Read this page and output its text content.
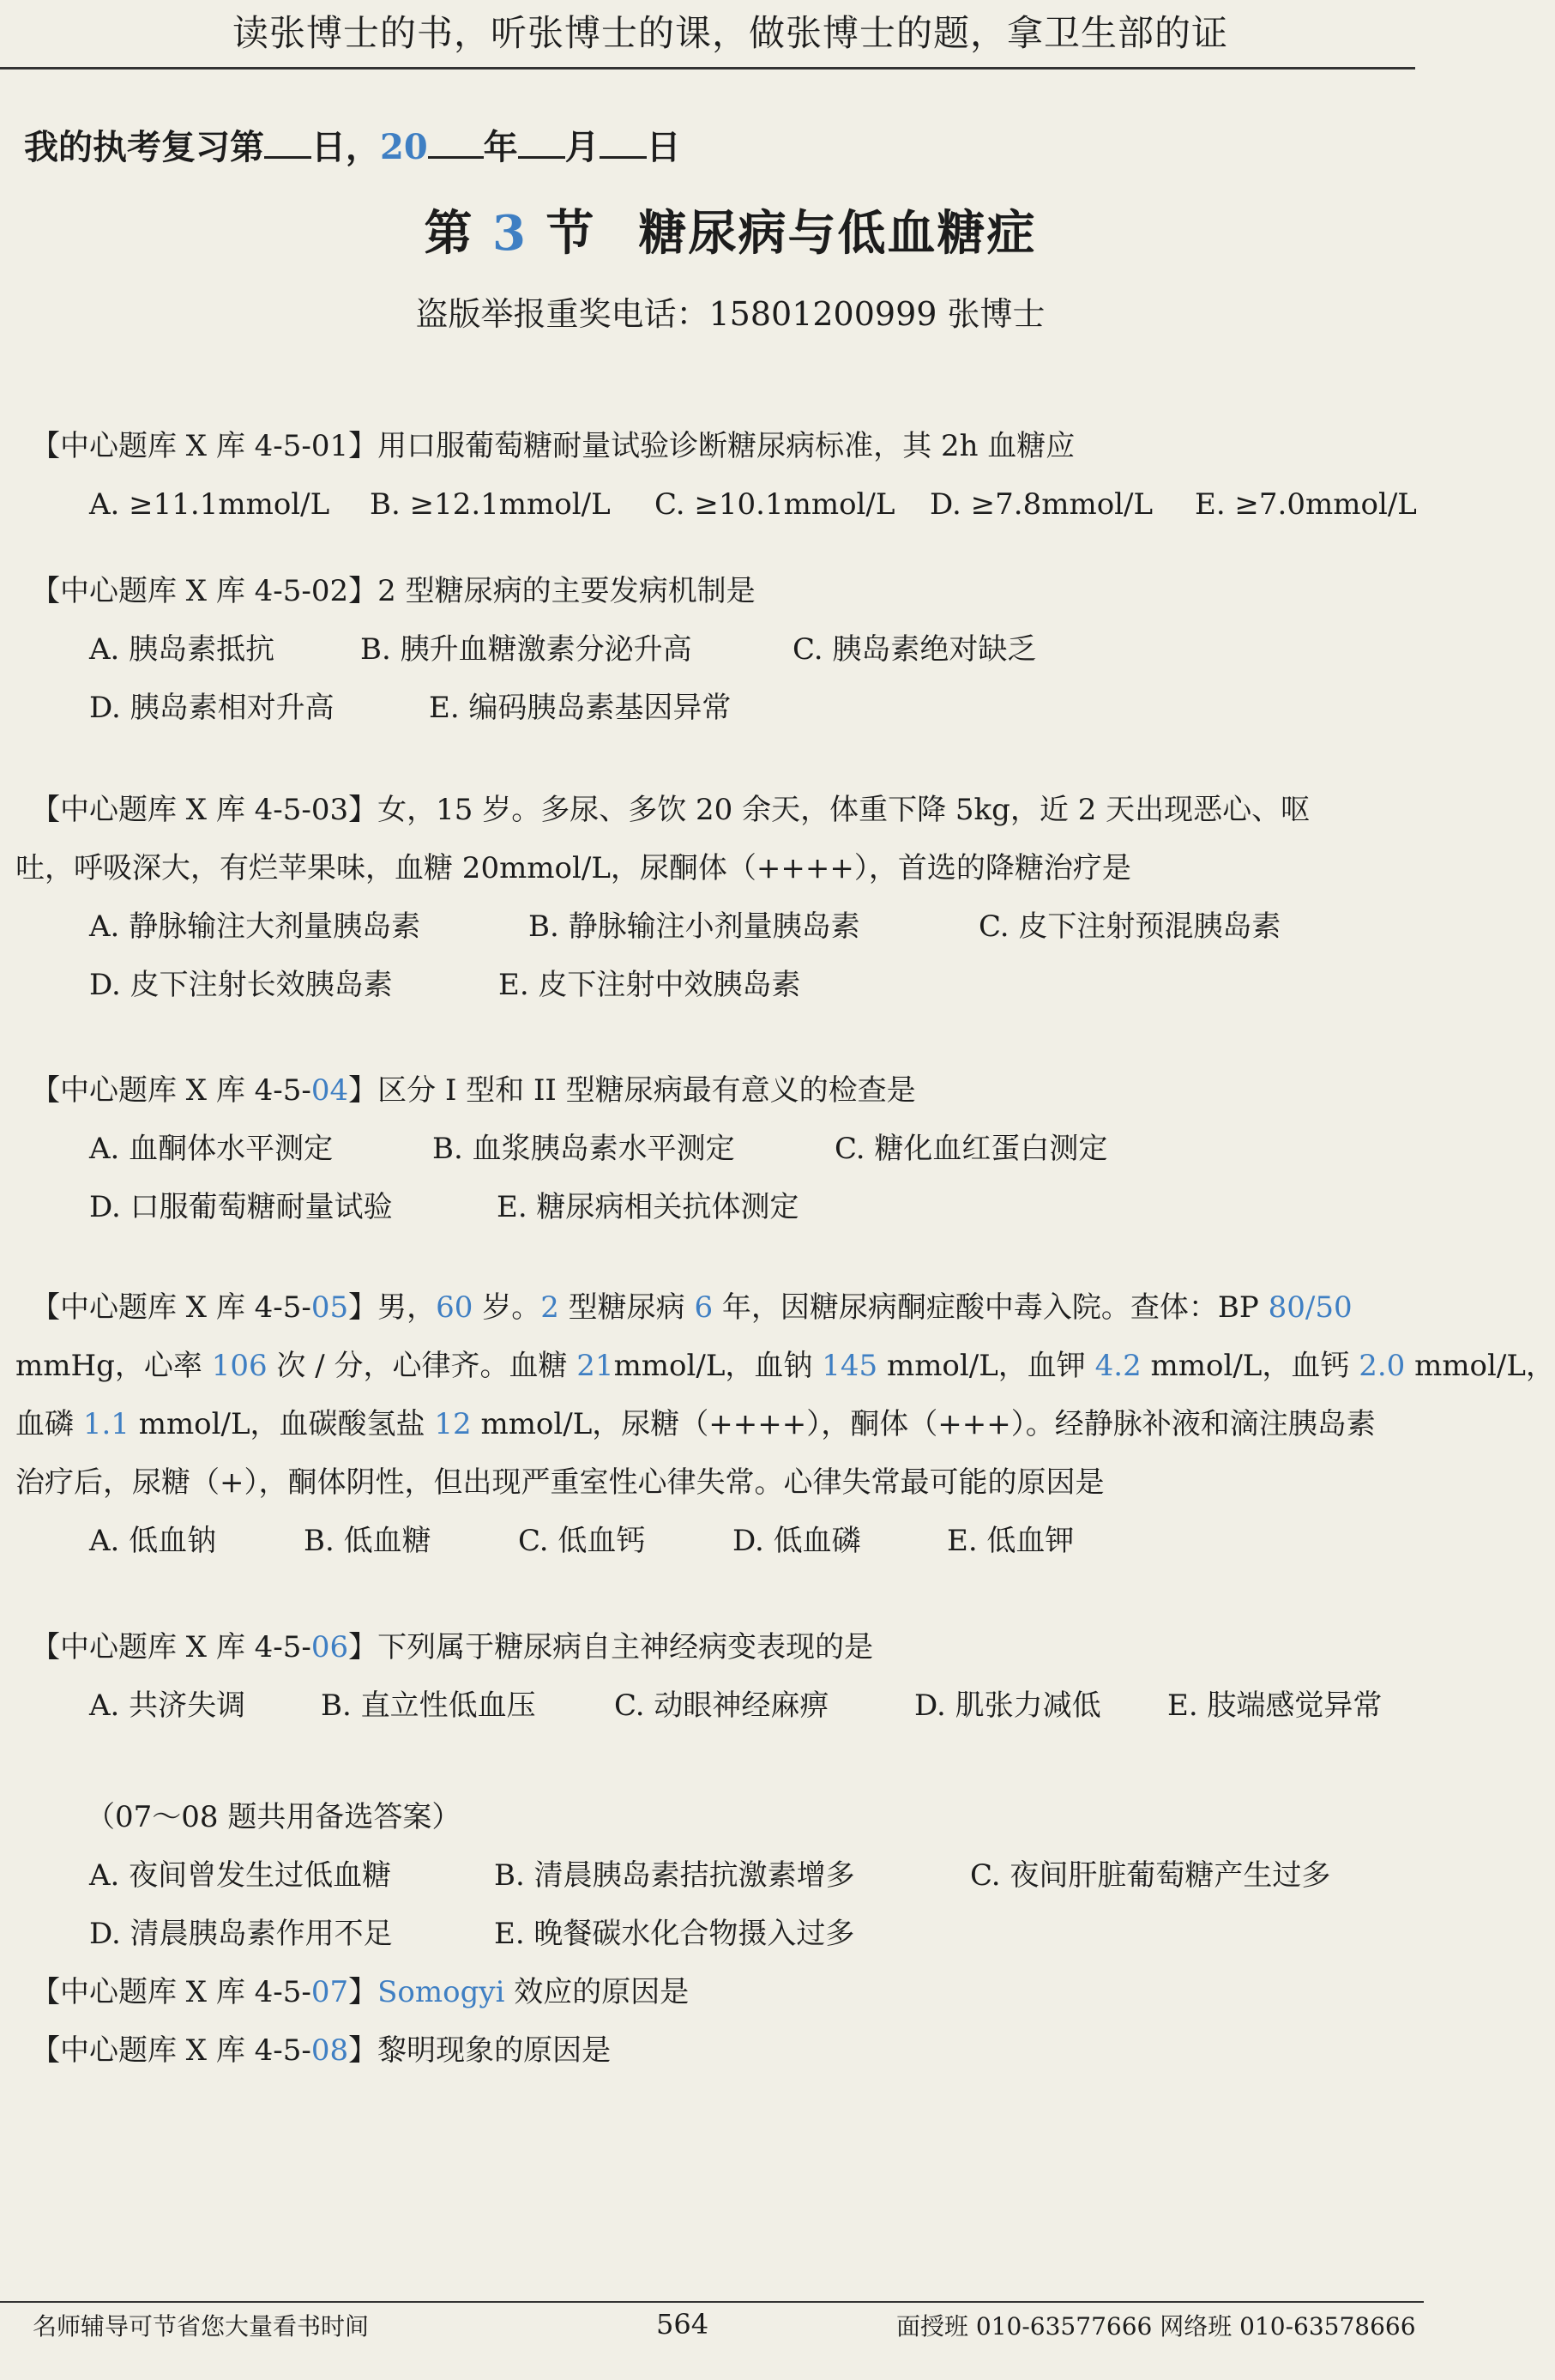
读张博士的书，听张博士的课，做张博士的题，拿卫生部的证
我的执考复习第 日，20 年 月 日
第 3 节 糖尿病与低血糖症
盗版举报重奖电话：15801200999 张博士
【中心题库 X 库 4-5-01】用口服葡萄糖耐量试验诊断糖尿病标准，其 2h 血糖应
A. ≥11.1mmol/L B. ≥12.1mmol/L C. ≥10.1mmol/L D. ≥7.8mmol/L E. ≥7.0mmol/L
【中心题库 X 库 4-5-02】2 型糖尿病的主要发病机制是
A. 胰岛素抵抗	B. 胰升血糖激素分泌升高	C. 胰岛素绝对缺乏
D. 胰岛素相对升高	E. 编码胰岛素基因异常
【中心题库 X 库 4-5-03】女，15 岁。多尿、多饮 20 余天，体重下降 5kg，近 2 天出现恶心、呕
吐，呼吸深大，有烂苹果味，血糖 20mmol/L，尿酮体（++++），首选的降糖治疗是
A. 静脉输注大剂量胰岛素	B. 静脉输注小剂量胰岛素	C. 皮下注射预混胰岛素
D. 皮下注射长效胰岛素	E. 皮下注射中效胰岛素
【中心题库 X 库 4-5-04】区分 I 型和 II 型糖尿病最有意义的检查是
A. 血酮体水平测定	B. 血浆胰岛素水平测定	C. 糖化血红蛋白测定
D. 口服葡萄糖耐量试验	E. 糖尿病相关抗体测定
【中心题库 X 库 4-5-05】男，60 岁。2 型糖尿病 6 年，因糖尿病酮症酸中毒入院。查体：BP 80/50
mmHg，心率 106 次 / 分，心律齐。血糖 21mmol/L，血钠 145 mmol/L，血钾 4.2 mmol/L，血钙 2.0 mmol/L，
血磷 1.1 mmol/L，血碳酸氢盐 12 mmol/L，尿糖（++++），酮体（+++）。经静脉补液和滴注胰岛素
治疗后，尿糖（+），酮体阴性，但出现严重室性心律失常。心律失常最可能的原因是
A. 低血钠	B. 低血糖	C. 低血钙	D. 低血磷	E. 低血钾
【中心题库 X 库 4-5-06】下列属于糖尿病自主神经病变表现的是
A. 共济失调	B. 直立性低血压	C. 动眼神经麻痹	D. 肌张力减低 E. 肢端感觉异常
（07～08 题共用备选答案）
A. 夜间曾发生过低血糖	B. 清晨胰岛素拮抗激素增多	C. 夜间肝脏葡萄糖产生过多
D. 清晨胰岛素作用不足	E. 晚餐碳水化合物摄入过多
【中心题库 X 库 4-5-07】Somogyi 效应的原因是
【中心题库 X 库 4-5-08】黎明现象的原因是
名师辅导可节省您大量看书时间	564	面授班 010-63577666 网络班 010-63578666
